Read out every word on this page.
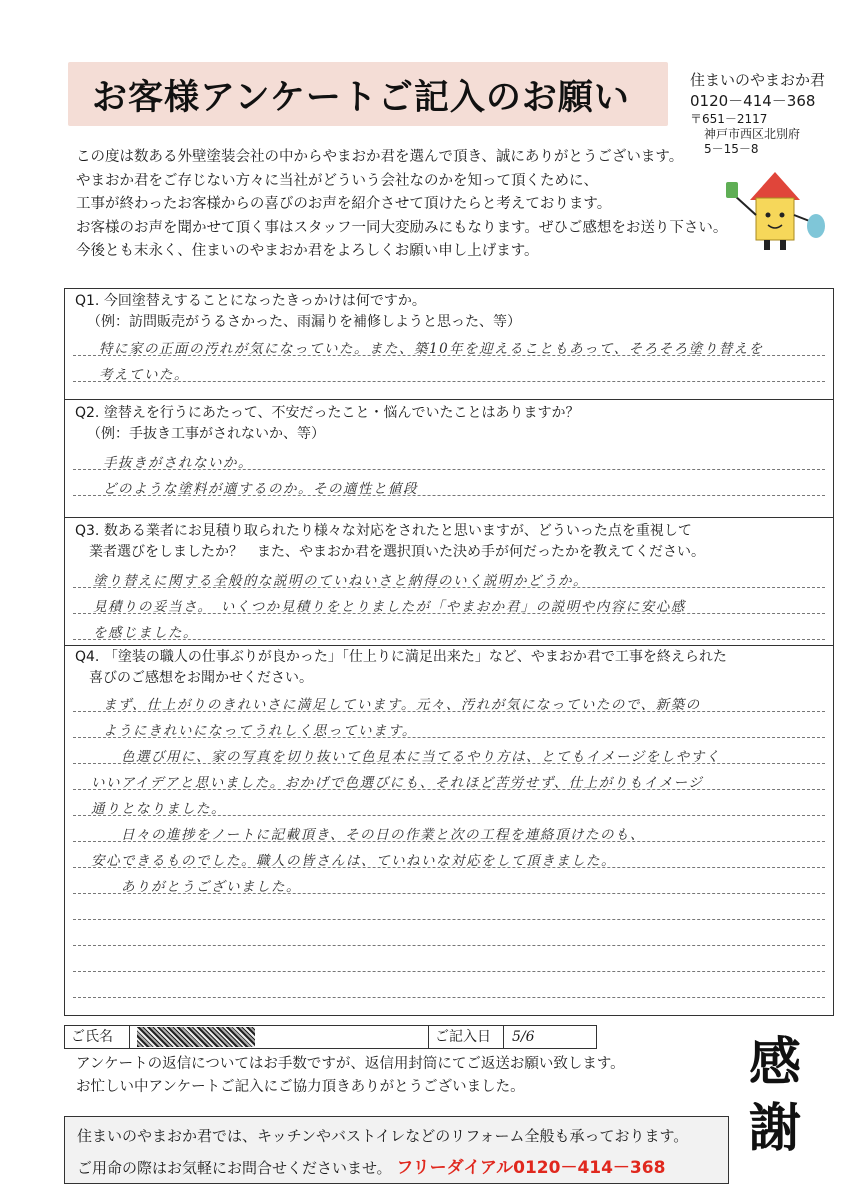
お客様アンケートご記入のお願い	住まいのやまおか君
0120－414－368
〒651－2117
神戸市西区北別府
5－15－8
この度は数ある外壁塗装会社の中からやまおか君を選んで頂き、誠にありがとうございます。
やまおか君をご存じない方々に当社がどういう会社なのかを知って頂くために、
工事が終わったお客様からの喜びのお声を紹介させて頂けたらと考えております。
お客様のお声を聞かせて頂く事はスタッフ一同大変励みにもなります。ぜひご感想をお送り下さい。
今後とも末永く、住まいのやまおか君をよろしくお願い申し上げます。
Q1. 今回塗替えすることになったきっかけは何ですか。
（例：訪問販売がうるさかった、雨漏りを補修しようと思った、等）
特に家の正面の汚れが気になっていた。また、築10年を迎えることもあって、そろそろ塗り替えを
考えていた。
Q2. 塗替えを行うにあたって、不安だったこと・悩んでいたことはありますか？
（例：手抜き工事がされないか、等）
手抜きがされないか。
どのような塗料が適するのか。その適性と値段
Q3. 数ある業者にお見積り取られたり様々な対応をされたと思いますが、どういった点を重視して
業者選びをしましたか？　また、やまおか君を選択頂いた決め手が何だったかを教えてください。
塗り替えに関する全般的な説明のていねいさと納得のいく説明かどうか。
見積りの妥当さ。　いくつか見積りをとりましたが「やまおか君」の説明や内容に安心感
を感じました。
Q4. 「塗装の職人の仕事ぶりが良かった」「仕上りに満足出来た」など、やまおか君で工事を終えられた
喜びのご感想をお聞かせください。
まず、仕上がりのきれいさに満足しています。元々、汚れが気になっていたので、新築の
ようにきれいになってうれしく思っています。
色選び用に、家の写真を切り抜いて色見本に当てるやり方は、とてもイメージをしやすく
いいアイデアと思いました。おかげで色選びにも、それほど苦労せず、仕上がりもイメージ
通りとなりました。
日々の進捗をノートに記載頂き、その日の作業と次の工程を連絡頂けたのも、
安心できるものでした。職人の皆さんは、ていねいな対応をして頂きました。
ありがとうございました。
ご氏名	ご記入日	5/6
アンケートの返信についてはお手数ですが、返信用封筒にてご返送お願い致します。
お忙しい中アンケートご記入にご協力頂きありがとうございました。	感
謝
住まいのやまおか君では、キッチンやバストイレなどのリフォーム全般も承っております。
ご用命の際はお気軽にお問合せくださいませ。 フリーダイアル0120－414－368
